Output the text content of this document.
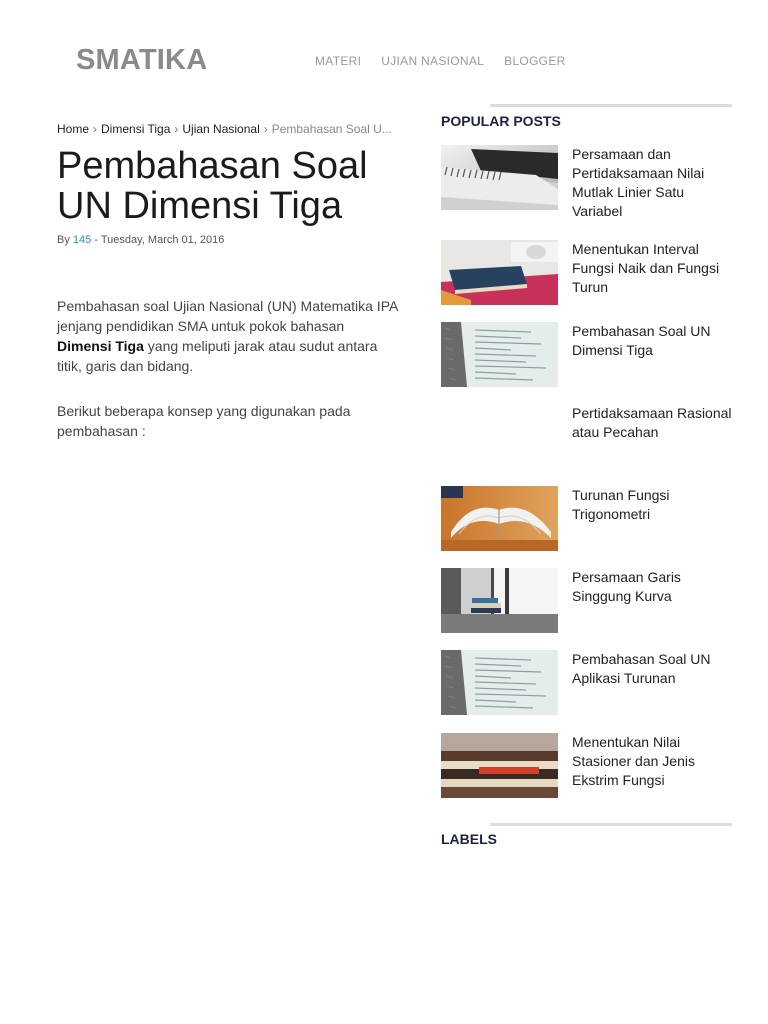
SMATIKA	MATERI UJIAN NASIONAL BLOGGER
Home › Dimensi Tiga › Ujian Nasional › Pembahasan Soal U...
Pembahasan Soal UN Dimensi Tiga
By 145 - Tuesday, March 01, 2016

Pembahasan soal Ujian Nasional (UN) Matematika IPA jenjang pendidikan SMA untuk pokok bahasan Dimensi Tiga yang meliputi jarak atau sudut antara titik, garis dan bidang.

Berikut beberapa konsep yang digunakan pada pembahasan :

POPULAR POSTS
Persamaan dan Pertidaksamaan Nilai Mutlak Linier Satu Variabel
Menentukan Interval Fungsi Naik dan Fungsi Turun
Pembahasan Soal UN Dimensi Tiga
Pertidaksamaan Rasional atau Pecahan
Turunan Fungsi Trigonometri
Persamaan Garis Singgung Kurva
Pembahasan Soal UN Aplikasi Turunan
Menentukan Nilai Stasioner dan Jenis Ekstrim Fungsi
LABELS
